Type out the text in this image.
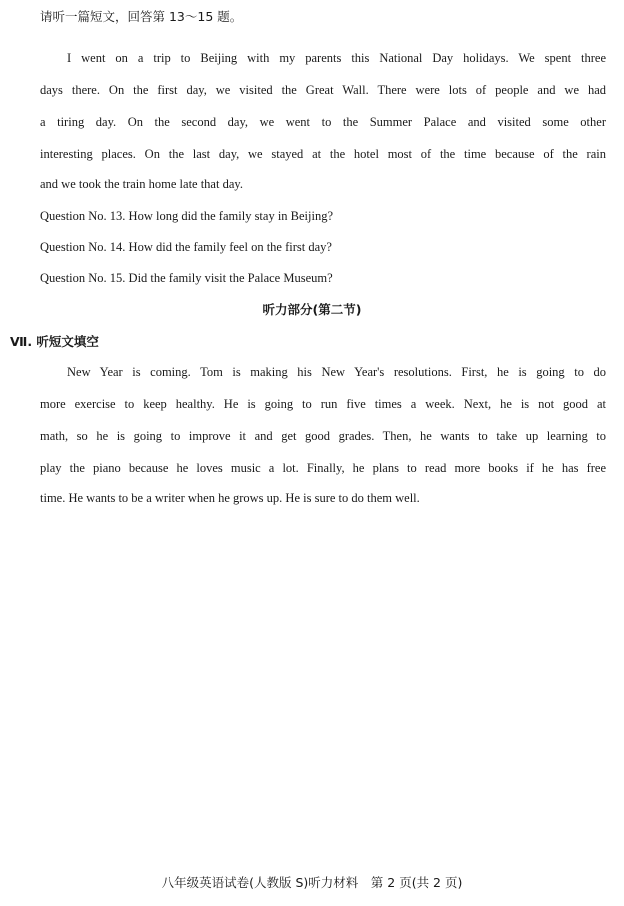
请听一篇短文，回答第 13～15 题。
I went on a trip to Beijing with my parents this National Day holidays. We spent three
days there. On the first day, we visited the Great Wall. There were lots of people and we had
a tiring day. On the second day, we went to the Summer Palace and visited some other
interesting places. On the last day, we stayed at the hotel most of the time because of the rain
and we took the train home late that day.
Question No. 13. How long did the family stay in Beijing?
Question No. 14. How did the family feel on the first day?
Question No. 15. Did the family visit the Palace Museum?
听力部分(第二节)
Ⅶ. 听短文填空
New Year is coming. Tom is making his New Year's resolutions. First, he is going to do
more exercise to keep healthy. He is going to run five times a week. Next, he is not good at
math, so he is going to improve it and get good grades. Then, he wants to take up learning to
play the piano because he loves music a lot. Finally, he plans to read more books if he has free
time. He wants to be a writer when he grows up. He is sure to do them well.
八年级英语试卷(人教版 S)听力材料　第 2 页(共 2 页)
